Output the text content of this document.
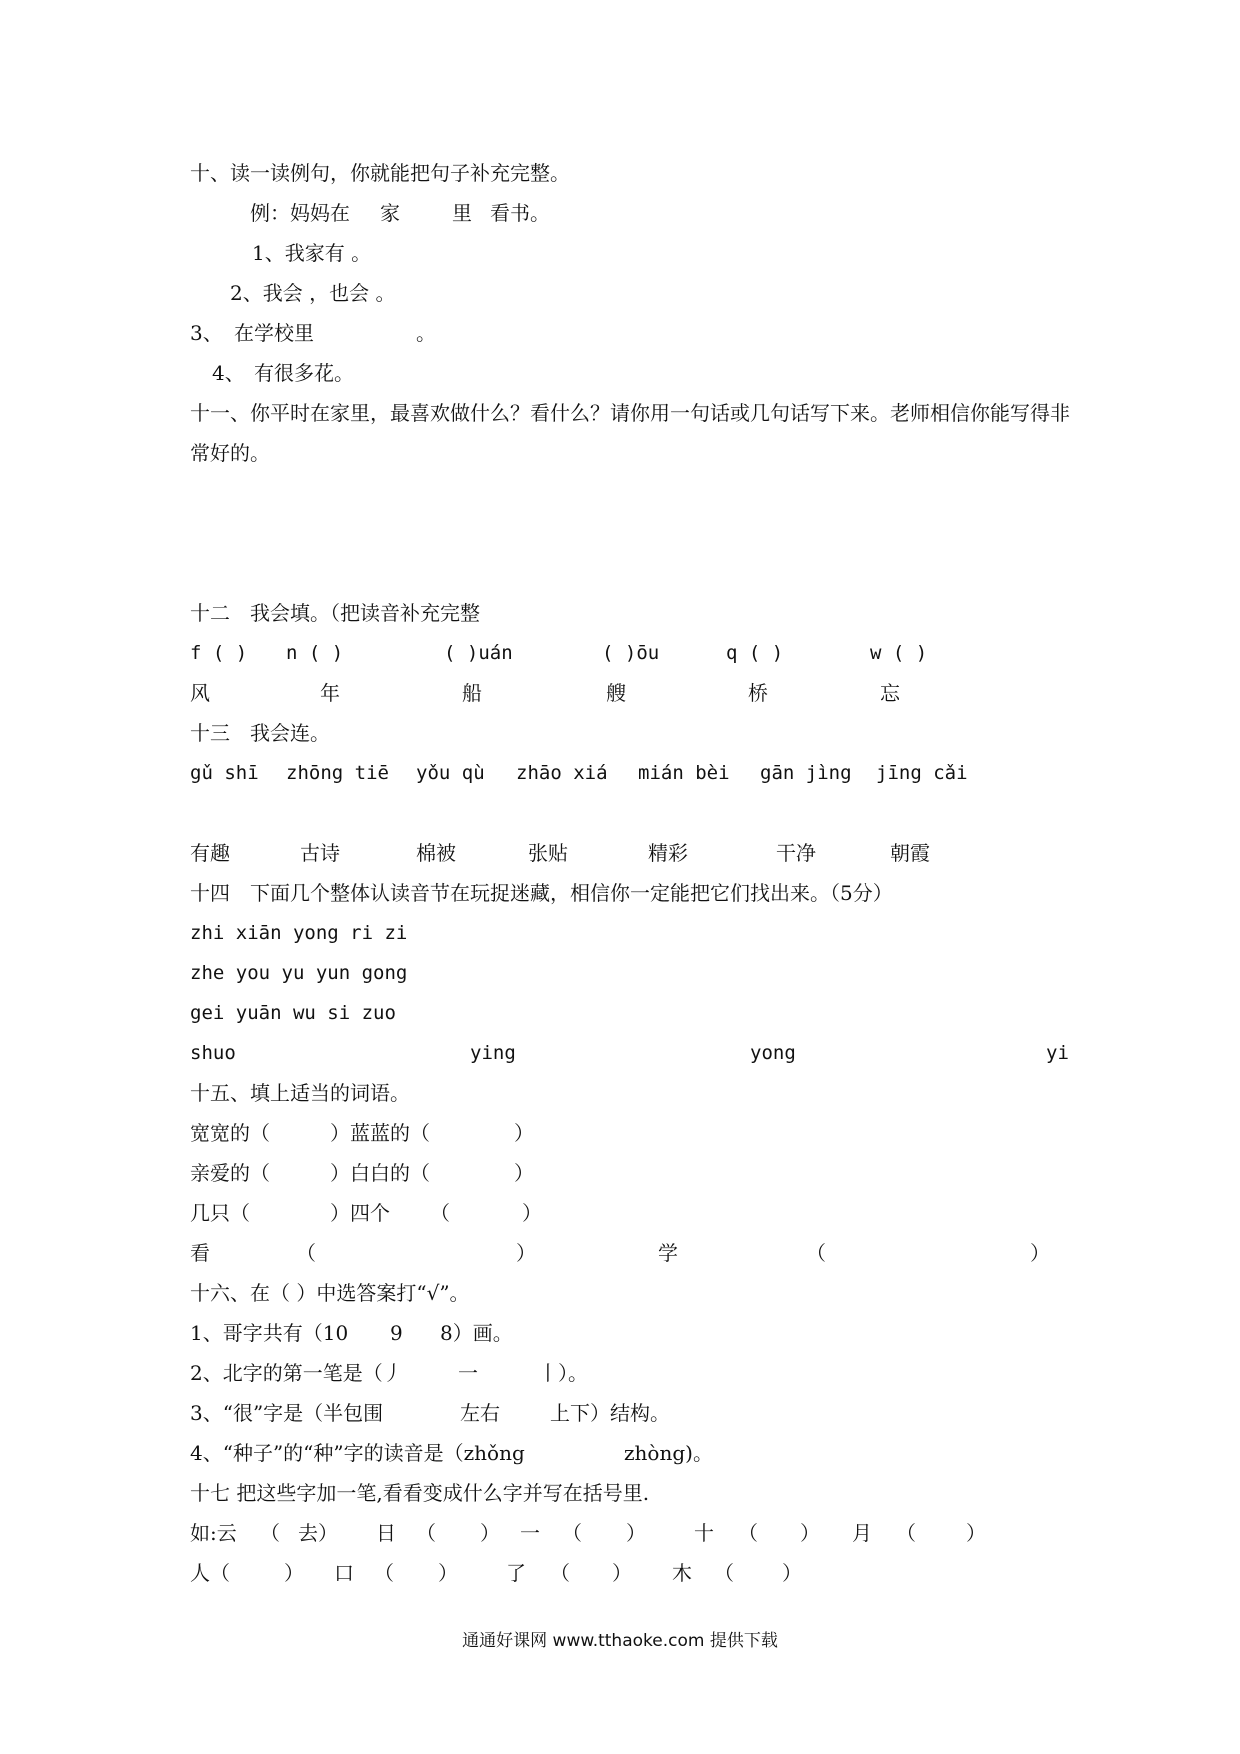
十、读一读例句，你就能把句子补充完整。
例：妈妈在 家	里 看书。
1、我家有 。
2、我会 ，也会 。
3、 在学校里	。
4、 有很多花。
十一、你平时在家里，最喜欢做什么？看什么？请你用一句话或几句话写下来。老师相信你能写得非常好的。
十二　我会填。（把读音补充完整
f ( ) n ( )	( )uán	( )ōu	q ( )	w ( )
风	年	船	艘	桥	忘
十三　我会连。
gǔ shī zhōng tiē yǒu qù zhāo xiá mián bèi gān jìng jīng cǎi
有趣	古诗	棉被	张贴	精彩	干净	朝霞
十四　下面几个整体认读音节在玩捉迷藏，相信你一定能把它们找出来。（5分）
zhi xiān yong ri zi
zhe you yu yun gong
gei yuān wu si zuo
shuo	ying	yong	yi
十五、填上适当的词语。
宽宽的（	）蓝蓝的（	）
亲爱的（	）白白的（	）
几只（	）四个 （	）
看	（	）	学	（	）
十六、在（ ）中选答案打“√”。
1、哥字共有（10 9 8）画。
2、北字的第一笔是（丿	一	丨）。
3、“很”字是（半包围	左右	上下）结构。
4、“种子”的“种”字的读音是（zhǒng	zhòng)。
十七 把这些字加一笔,看看变成什么字并写在括号里.
如:云 （ 去） 日 （ ） 一 （ ） 十 （ ） 月 （	）
人（	） 口 （ ） 了 （ ） 木 （ ）
通通好课网 www.tthaoke.com 提供下载
